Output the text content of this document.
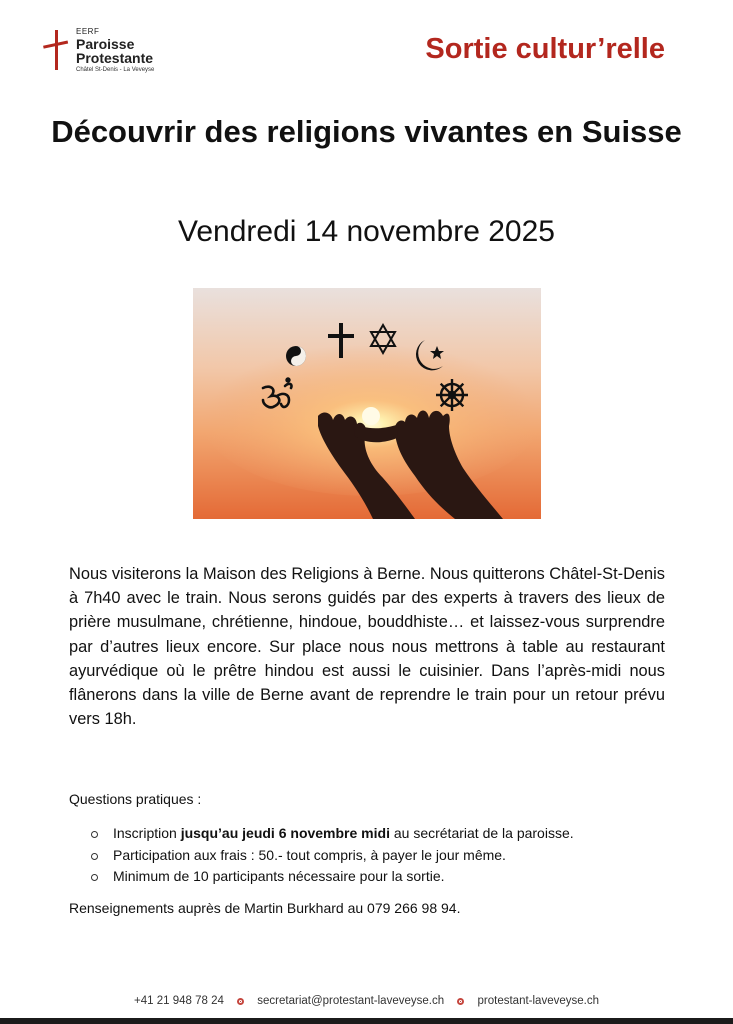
EERF
Paroisse
Protestante
Châtel St-Denis - La Veveyse
Sortie cultur’relle
Découvrir des religions vivantes en Suisse
Vendredi 14 novembre 2025

Nous visiterons la Maison des Religions à Berne. Nous quitterons Châtel-St-Denis à 7h40 avec le train. Nous serons guidés par des experts à travers des lieux de prière musulmane, chrétienne, hindoue, bouddhiste… et laissez-vous surprendre par d’autres lieux encore. Sur place nous nous mettrons à table au restaurant ayurvédique où le prêtre hindou est aussi le cuisinier. Dans l’après-midi nous flânerons dans la ville de Berne avant de reprendre le train pour un retour prévu vers 18h.

Questions pratiques :
Inscription jusqu’au jeudi 6 novembre midi au secrétariat de la paroisse.
Participation aux frais : 50.- tout compris, à payer le jour même.
Minimum de 10 participants nécessaire pour la sortie.
Renseignements auprès de Martin Burkhard au 079 266 98 94.
+41 21 948 78 24	secretariat@protestant-laveveyse.ch	protestant-laveveyse.ch
